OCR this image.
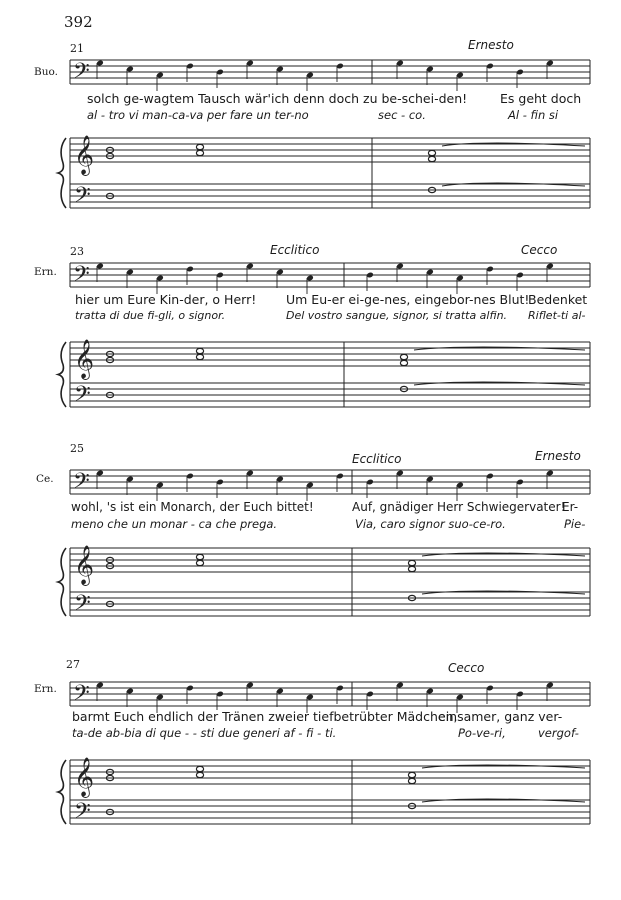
𝄢
𝄞
𝄢
𝄢
𝄞
𝄢
𝄢
𝄞
𝄢
𝄢
𝄞
𝄢
392
21
Buo.
Ernesto
solch ge-wagtem Tausch wär'ich denn doch zu be-schei-den!	Es geht doch
al - tro vi man-ca-va per fare un ter-no	sec - co.	Al - fin si
23
Ern.
Ecclitico	Cecco
hier um Eure Kin-der, o Herr! Um Eu-er ei-ge-nes, eingebor-nes Blut!
Bedenket
tratta di due fi-gli, o signor.	Del vostro sangue, signor, si tratta alfin. Riflet-ti al-
25
Ce.
Ecclitico	Ernesto
wohl, 's ist ein Monarch, der Euch bittet!	Auf, gnädiger Herr Schwiegervater!
Er-
meno che un monar - ca che prega.	Via, caro signor suo-ce-ro.	Pie-
27
Ern.
Cecco
barmt Euch endlich der Tränen zweier tiefbetrübter Mädchen,
einsamer, ganz ver-
ta-de ab-bia di que - - sti due generi af - fi - ti.	Po-ve-ri,	vergof-
